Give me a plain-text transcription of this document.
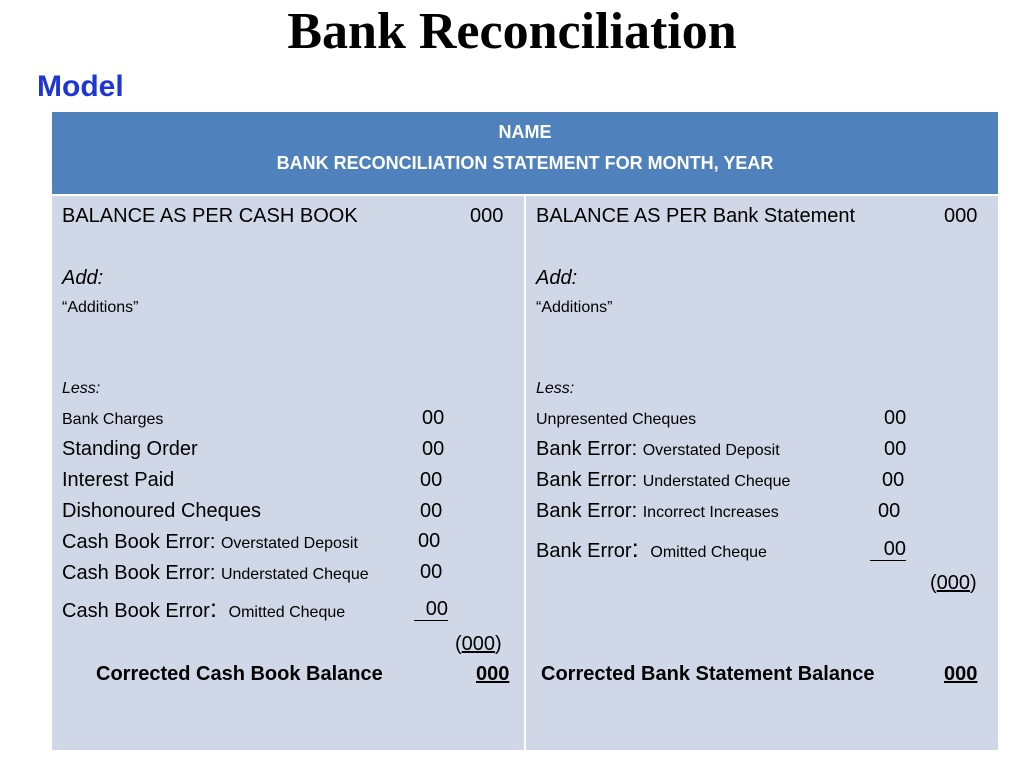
Bank Reconciliation
Model
NAME
BANK RECONCILIATION STATEMENT FOR MONTH, YEAR
BALANCE AS PER CASH BOOK	000
Add:
“Additions”
Less:
Bank Charges	00
Standing Order	00
Interest Paid	00
Dishonoured Cheques	00
Cash Book Error: Overstated Deposit	00
Cash Book Error: Understated Cheque	00
Cash Book Error: Omitted Cheque	00
(000)
Corrected Cash Book Balance	000
BALANCE AS PER Bank Statement	000
Add:
“Additions”
Less:
Unpresented Cheques	00
Bank Error: Overstated Deposit	00
Bank Error: Understated Cheque	00
Bank Error: Incorrect Increases	00
Bank Error: Omitted Cheque	00
(000)
Corrected Bank Statement Balance	000
